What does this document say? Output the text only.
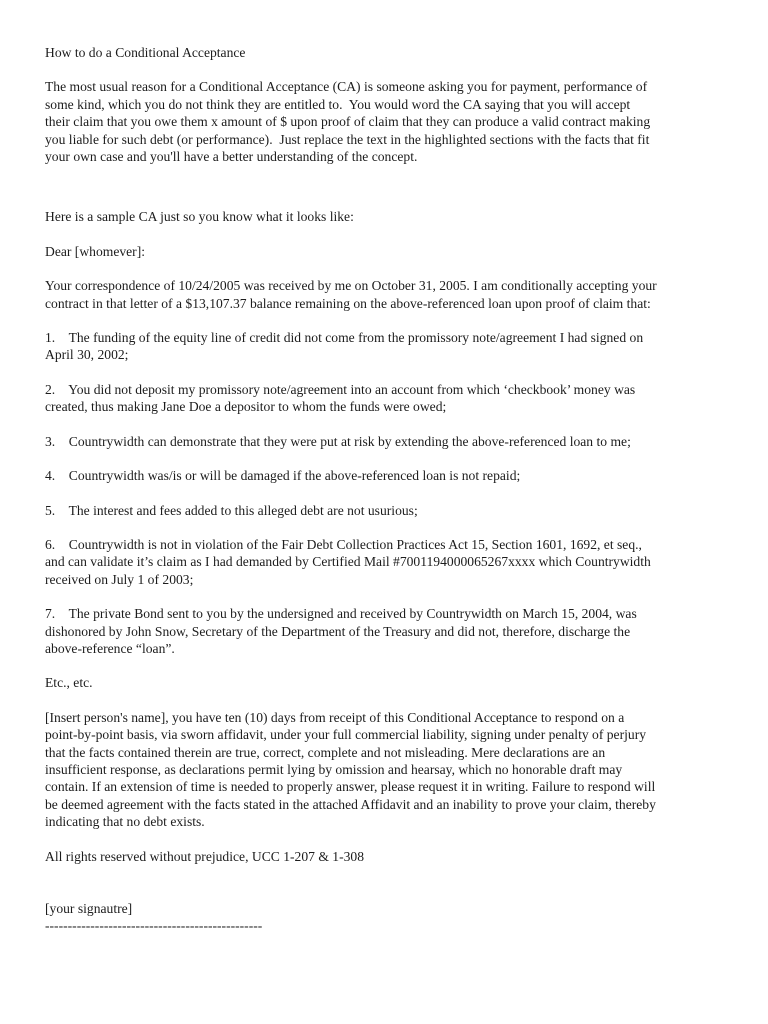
How to do a Conditional Acceptance

The most usual reason for a Conditional Acceptance (CA) is someone asking you for payment, performance of

some kind, which you do not think they are entitled to.  You would word the CA saying that you will accept

their claim that you owe them x amount of $ upon proof of claim that they can produce a valid contract making

you liable for such debt (or performance).  Just replace the text in the highlighted sections with the facts that fit

your own case and you'll have a better understanding of the concept.

Here is a sample CA just so you know what it looks like:

Dear [whomever]:

Your correspondence of 10/24/2005 was received by me on October 31, 2005. I am conditionally accepting your

contract in that letter of a $13,107.37 balance remaining on the above-referenced loan upon proof of claim that:

1. The funding of the equity line of credit did not come from the promissory note/agreement I had signed on

April 30, 2002;

2. You did not deposit my promissory note/agreement into an account from which ‘checkbook’ money was

created, thus making Jane Doe a depositor to whom the funds were owed;

3. Countrywidth can demonstrate that they were put at risk by extending the above-referenced loan to me;

4. Countrywidth was/is or will be damaged if the above-referenced loan is not repaid;

5. The interest and fees added to this alleged debt are not usurious;

6. Countrywidth is not in violation of the Fair Debt Collection Practices Act 15, Section 1601, 1692, et seq.,

and can validate it’s claim as I had demanded by Certified Mail #7001194000065267xxxx which Countrywidth

received on July 1 of 2003;

7. The private Bond sent to you by the undersigned and received by Countrywidth on March 15, 2004, was

dishonored by John Snow, Secretary of the Department of the Treasury and did not, therefore, discharge the

above-reference “loan”.

Etc., etc.

[Insert person's name], you have ten (10) days from receipt of this Conditional Acceptance to respond on a

point-by-point basis, via sworn affidavit, under your full commercial liability, signing under penalty of perjury

that the facts contained therein are true, correct, complete and not misleading. Mere declarations are an

insufficient response, as declarations permit lying by omission and hearsay, which no honorable draft may

contain. If an extension of time is needed to properly answer, please request it in writing. Failure to respond will

be deemed agreement with the facts stated in the attached Affidavit and an inability to prove your claim, thereby

indicating that no debt exists.

All rights reserved without prejudice, UCC 1-207 & 1-308

[your signautre]

------------------------------------------------
